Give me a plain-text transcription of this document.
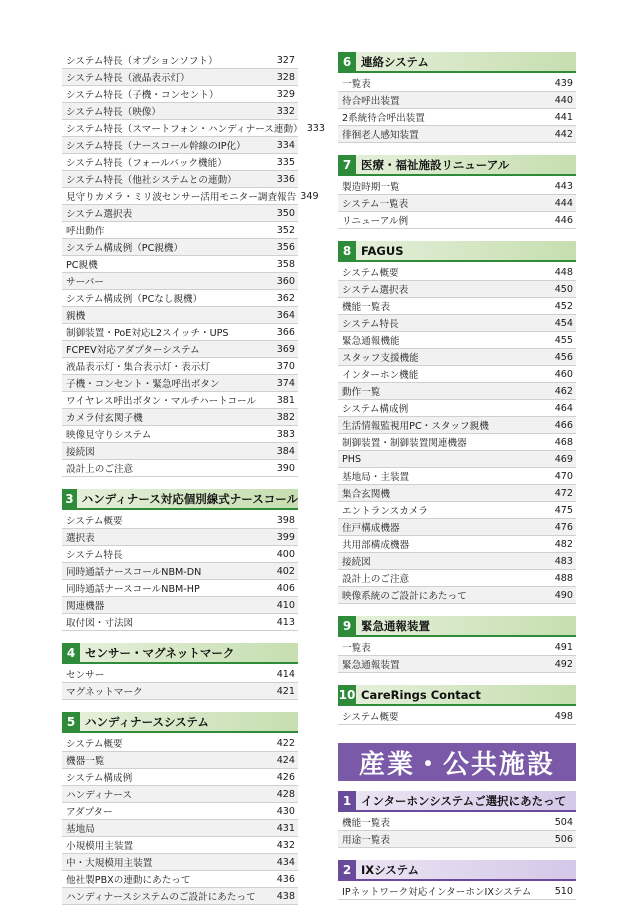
システム特長（オプションソフト）	327
システム特長（液晶表示灯）	328
システム特長（子機・コンセント）	329
システム特長（映像）	332
システム特長（スマートフォン・ハンディナース連動） 333
システム特長（ナースコール幹線のIP化）	334
システム特長（フォールバック機能）	335
システム特長（他社システムとの連動）	336
見守りカメラ・ミリ波センサー活用モニター調査報告 349
システム選択表	350
呼出動作	352
システム構成例（PC親機）	356
PC親機	358
サーバー	360
システム構成例（PCなし親機）	362
親機	364
制御装置・PoE対応L2スイッチ・UPS	366
FCPEV対応アダプターシステム	369
液晶表示灯・集合表示灯・表示灯	370
子機・コンセント・緊急呼出ボタン	374
ワイヤレス呼出ボタン・マルチハートコール 381
カメラ付玄関子機	382
映像見守りシステム	383
接続図	384
設計上のご注意	390
3 ハンディナース対応個別線式ナースコール
システム概要	398
選択表	399
システム特長	400
同時通話ナースコールNBM-DN	402
同時通話ナースコールNBM-HP	406
関連機器	410
取付図・寸法図	413
4 センサー・マグネットマーク
センサー	414
マグネットマーク	421
5 ハンディナースシステム
システム概要	422
機器一覧	424
システム構成例	426
ハンディナース	428
アダプター	430
基地局	431
小規模用主装置	432
中・大規模用主装置	434
他社製PBXの連動にあたって	436
ハンディナースシステムのご設計にあたって 438
6 連絡システム
一覧表	439
待合呼出装置	440
2系統待合呼出装置	441
徘徊老人感知装置	442
7 医療・福祉施設リニューアル
製造時期一覧	443
システム一覧表	444
リニューアル例	446
8 FAGUS
システム概要	448
システム選択表	450
機能一覧表	452
システム特長	454
緊急通報機能	455
スタッフ支援機能	456
インターホン機能	460
動作一覧	462
システム構成例	464
生活情報監視用PC・スタッフ親機	466
制御装置・制御装置関連機器	468
PHS	469
基地局・主装置	470
集合玄関機	472
エントランスカメラ	475
住戸構成機器	476
共用部構成機器	482
接続図	483
設計上のご注意	488
映像系統のご設計にあたって	490
9 緊急通報装置
一覧表	491
緊急通報装置	492
10 CareRings Contact
システム概要	498
産業・公共施設
1 インターホンシステムご選択にあたって
機能一覧表	504
用途一覧表	506
2 IXシステム
IPネットワーク対応インターホンIXシステム 510
